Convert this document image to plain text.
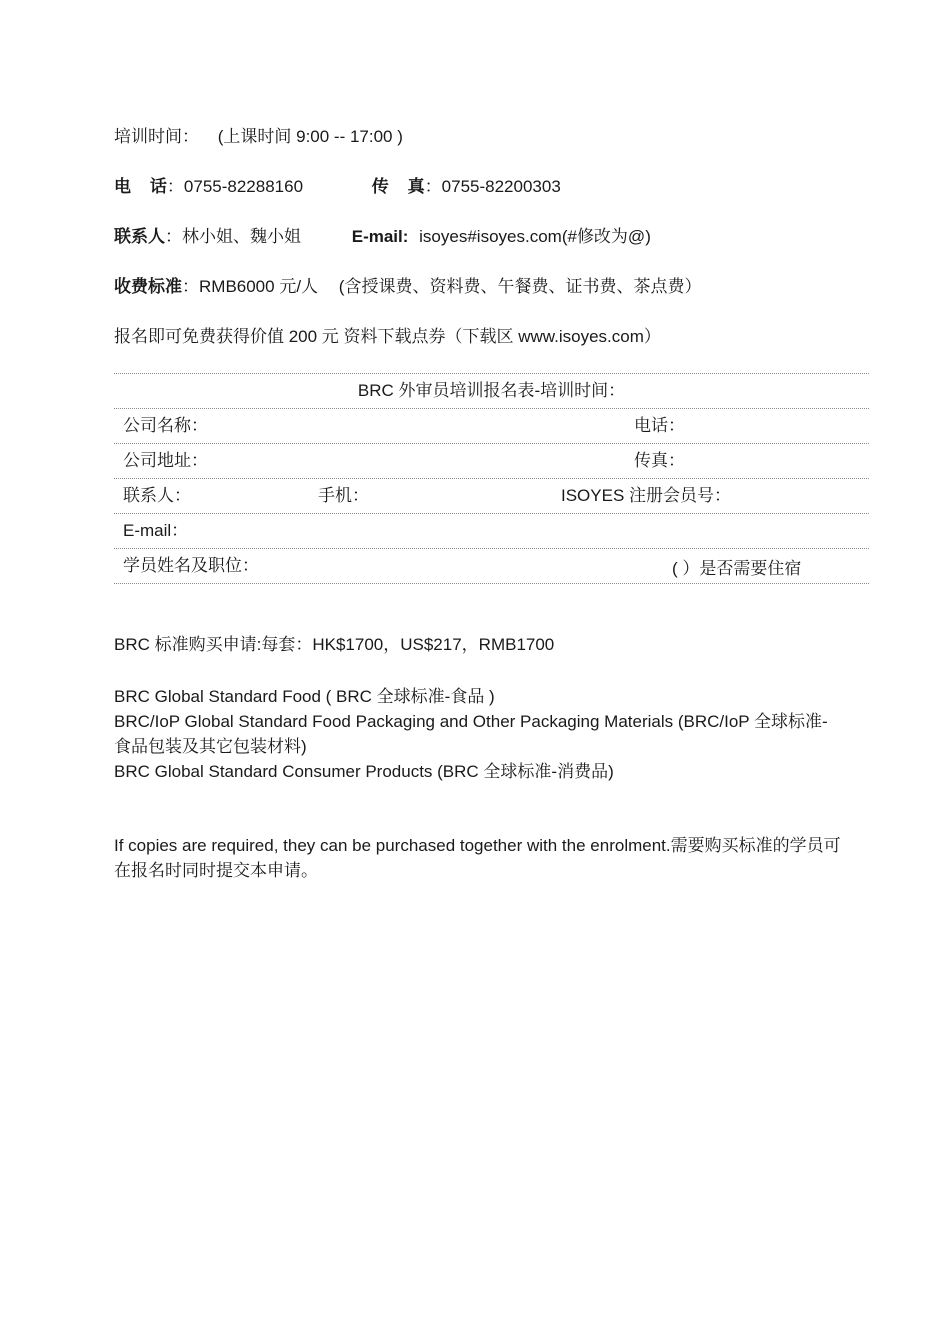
培训时间： (上课时间 9:00 -- 17:00 )
电    话：0755-82288160	传    真：0755-82200303
联系人：林小姐、魏小姐	E-mail: isoyes#isoyes.com(#修改为@)
收费标准：RMB6000 元/人 (含授课费、资料费、午餐费、证书费、茶点费）
报名即可免费获得价值 200 元 资料下载点券（下载区 www.isoyes.com）
BRC 外审员培训报名表-培训时间：
公司名称：	电话：
公司地址：	传真：
联系人：	手机：	ISOYES 注册会员号：
E-mail：
学员姓名及职位：	( ）是否需要住宿
BRC 标准购买申请:每套：HK$1700，US$217，RMB1700
BRC Global Standard Food ( BRC 全球标准-食品 )
BRC/IoP Global Standard Food Packaging and Other Packaging Materials (BRC/IoP 全球标准-食品包装及其它包装材料)
BRC Global Standard Consumer Products (BRC 全球标准-消费品)
If copies are required, they can be purchased together with the enrolment.需要购买标准的学员可在报名时同时提交本申请。
